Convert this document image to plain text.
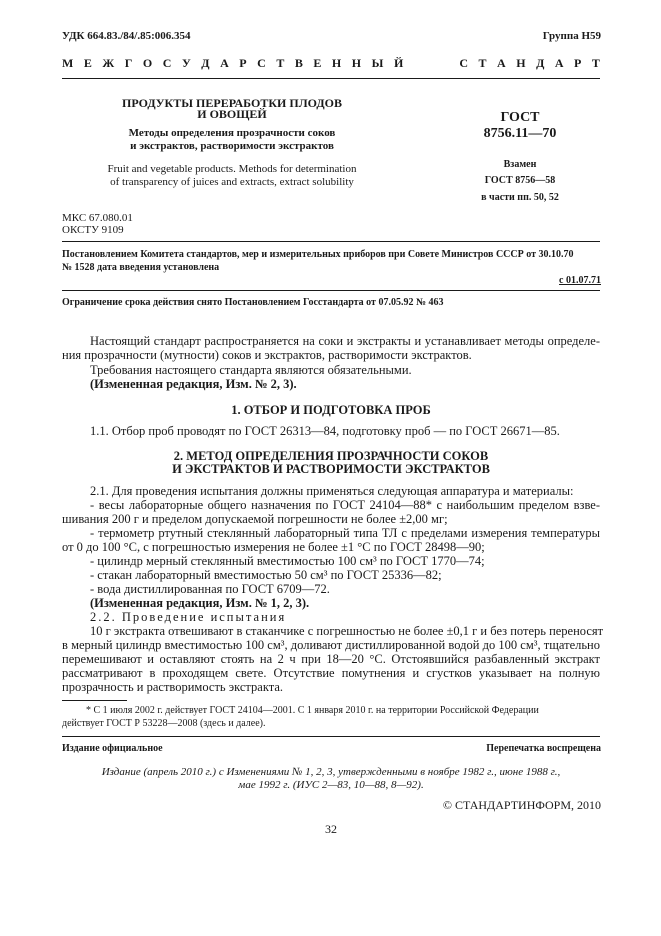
УДК 664.83./84/.85:006.354	Группа Н59
М Е Ж Г О С У Д А Р С Т В Е Н Н Ы Й	С Т А Н Д А Р Т
ПРОДУКТЫ ПЕРЕРАБОТКИ ПЛОДОВ
И ОВОЩЕЙ
Методы определения прозрачности соков
и экстрактов, растворимости экстрактов
Fruit and vegetable products. Methods for determination
of transparency of juices and extracts, extract solubility
ГОСТ
8756.11—70
Взамен
ГОСТ 8756—58
в части пп. 50, 52
МКС 67.080.01
ОКСТУ 9109
Постановлением Комитета стандартов, мер и измерительных приборов при Совете Министров СССР от 30.10.70
№ 1528 дата введения установлена
с 01.07.71
Ограничение срока действия снято Постановлением Госстандарта от 07.05.92 № 463
Настоящий стандарт распространяется на соки и экстракты и устанавливает методы определе-
ния прозрачности (мутности) соков и экстрактов, растворимости экстрактов.
Требования настоящего стандарта являются обязательными.
(Измененная редакция, Изм. № 2, 3).
1. ОТБОР И ПОДГОТОВКА ПРОБ
1.1. Отбор проб проводят по ГОСТ 26313—84, подготовку проб — по ГОСТ 26671—85.
2. МЕТОД ОПРЕДЕЛЕНИЯ ПРОЗРАЧНОСТИ СОКОВ
И ЭКСТРАКТОВ И РАСТВОРИМОСТИ ЭКСТРАКТОВ
2.1. Для проведения испытания должны применяться следующая аппаратура и материалы:
- весы лабораторные общего назначения по ГОСТ 24104—88* с наибольшим пределом взве-
шивания 200 г и пределом допускаемой погрешности не более ±2,00 мг;
- термометр ртутный стеклянный лабораторный типа ТЛ с пределами измерения температуры
от 0 до 100 °С, с погрешностью измерения не более ±1 °С по ГОСТ 28498—90;
- цилиндр мерный стеклянный вместимостью 100 см³ по ГОСТ 1770—74;
- стакан лабораторный вместимостью 50 см³ по ГОСТ 25336—82;
- вода дистиллированная по ГОСТ 6709—72.
(Измененная редакция, Изм. № 1, 2, 3).
2.2. Проведение испытания
10 г экстракта отвешивают в стаканчике с погрешностью не более ±0,1 г и без потерь переносят
в мерный цилиндр вместимостью 100 см³, доливают дистиллированной водой до 100 см³, тщательно
перемешивают и оставляют стоять на 2 ч при 18—20 °С. Отстоявшийся разбавленный экстракт
рассматривают в проходящем свете. Отсутствие помутнения и сгустков указывает на полную
прозрачность и растворимость экстракта.
* С 1 июля 2002 г. действует ГОСТ 24104—2001. С 1 января 2010 г. на территории Российской Федерации
действует ГОСТ Р 53228—2008 (здесь и далее).
Издание официальное	Перепечатка воспрещена
Издание (апрель 2010 г.) с Изменениями № 1, 2, 3, утвержденными в ноябре 1982 г., июне 1988 г.,
мае 1992 г. (ИУС 2—83, 10—88, 8—92).
© СТАНДАРТИНФОРМ, 2010
32
